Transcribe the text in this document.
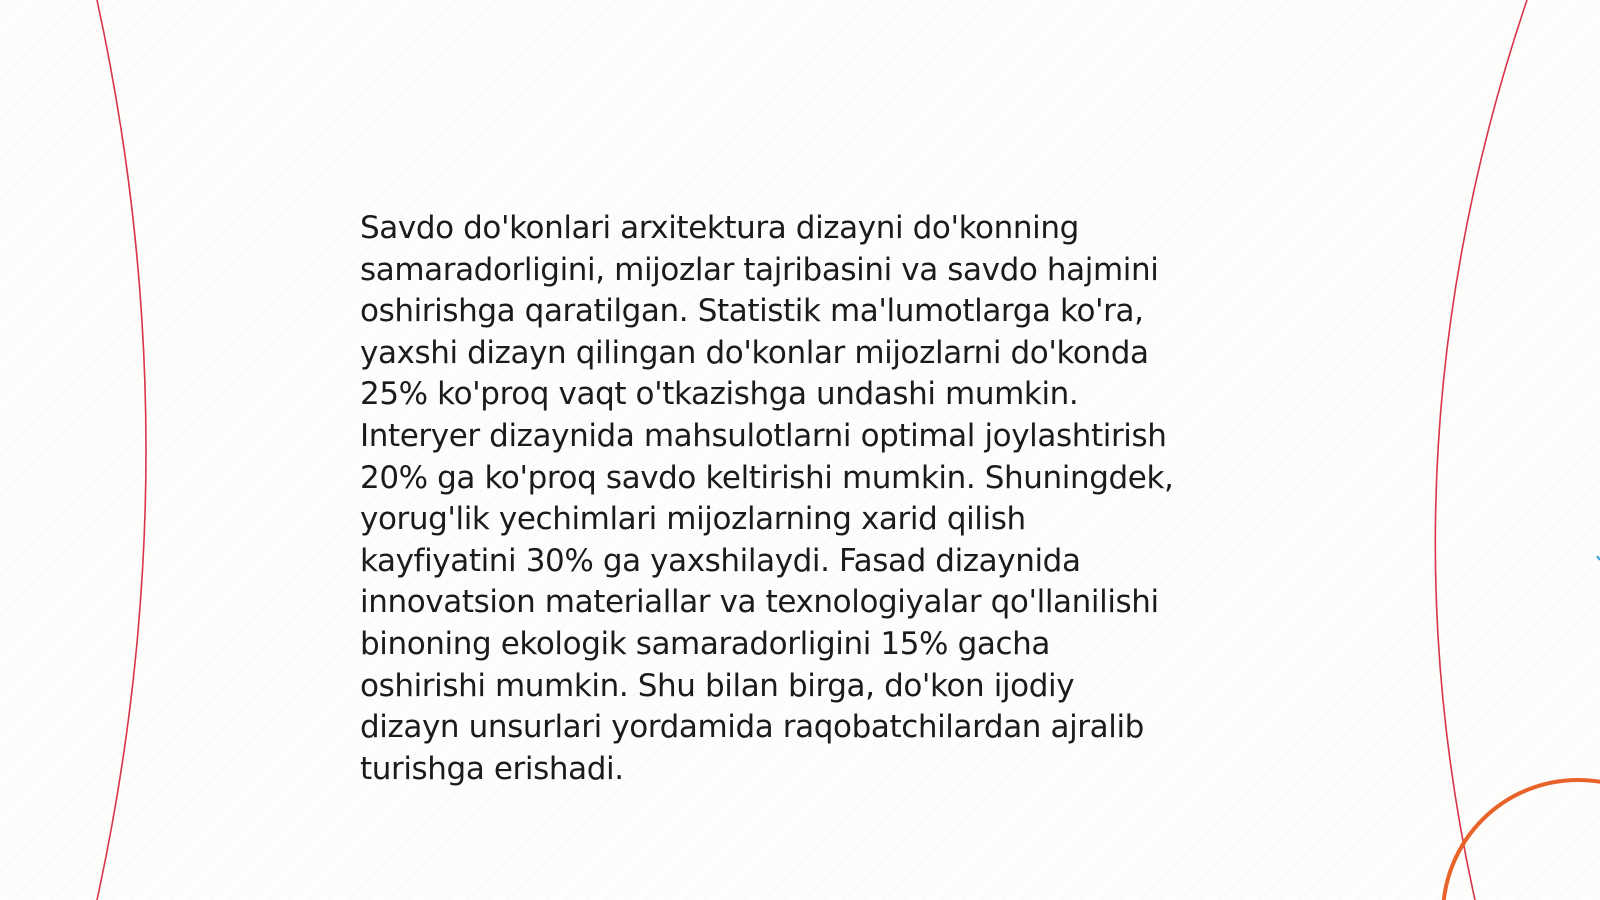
Savdo do'konlari arxitektura dizayni do'konning
samaradorligini, mijozlar tajribasini va savdo hajmini
oshirishga qaratilgan. Statistik ma'lumotlarga ko'ra,
yaxshi dizayn qilingan do'konlar mijozlarni do'konda
25% ko'proq vaqt o'tkazishga undashi mumkin.
Interyer dizaynida mahsulotlarni optimal joylashtirish
20% ga ko'proq savdo keltirishi mumkin. Shuningdek,
yorug'lik yechimlari mijozlarning xarid qilish
kayfiyatini 30% ga yaxshilaydi. Fasad dizaynida
innovatsion materiallar va texnologiyalar qo'llanilishi
binoning ekologik samaradorligini 15% gacha
oshirishi mumkin. Shu bilan birga, do'kon ijodiy
dizayn unsurlari yordamida raqobatchilardan ajralib
turishga erishadi.
